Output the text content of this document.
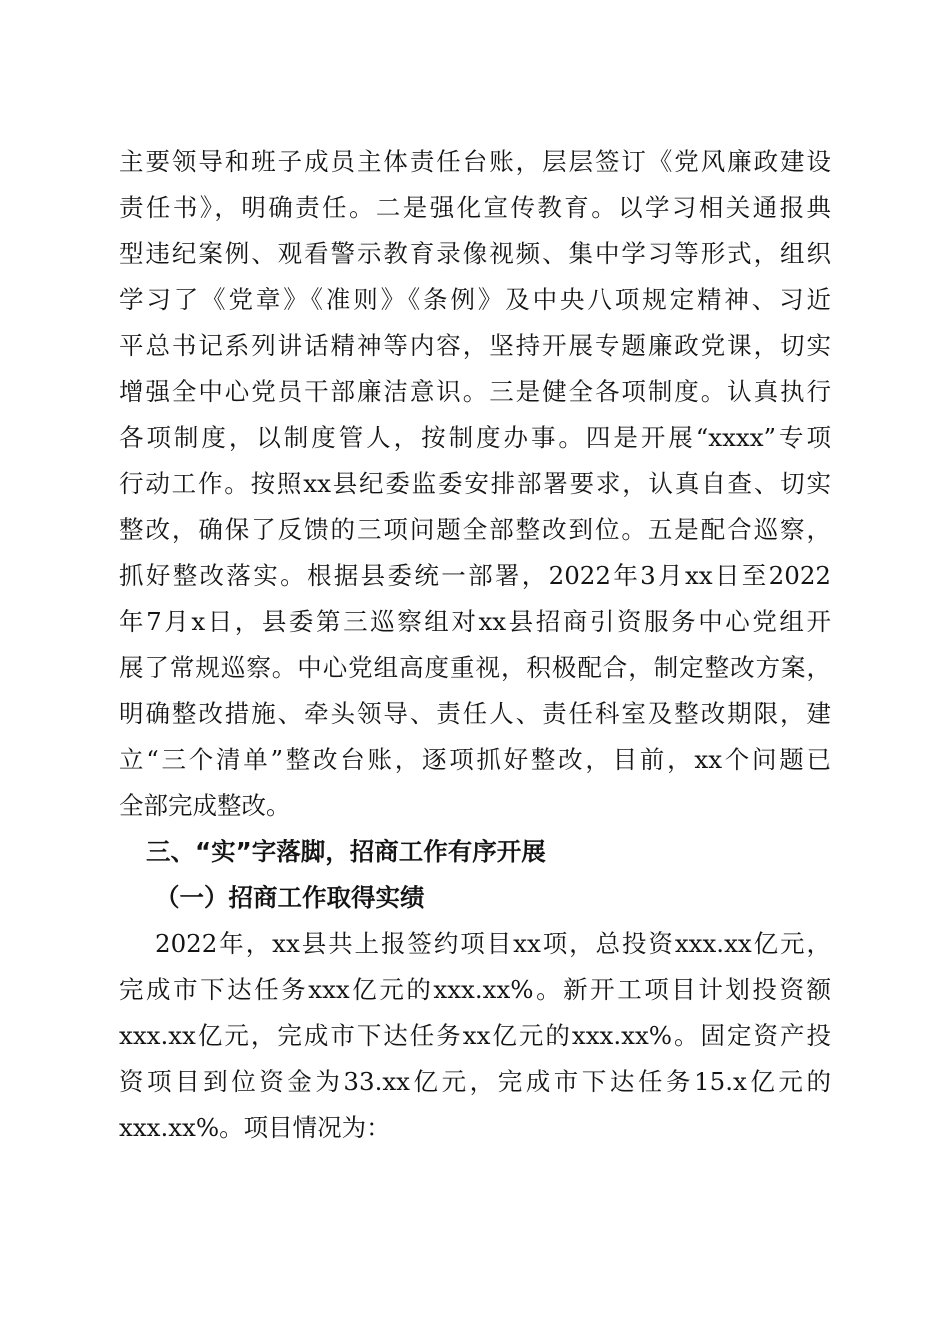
主要领导和班子成员主体责任台账，层层签订《党风廉政建设
责任书》，明确责任。二是强化宣传教育。以学习相关通报典
型违纪案例、观看警示教育录像视频、集中学习等形式，组织
学习了《党章》《准则》《条例》及中央八项规定精神、习近
平总书记系列讲话精神等内容，坚持开展专题廉政党课，切实
增强全中心党员干部廉洁意识。三是健全各项制度。认真执行
各项制度，以制度管人，按制度办事。四是开展“xxxx”专项
行动工作。按照xx县纪委监委安排部署要求，认真自查、切实
整改，确保了反馈的三项问题全部整改到位。五是配合巡察，
抓好整改落实。根据县委统一部署，2022年3月xx日至2022
年7月x日，县委第三巡察组对xx县招商引资服务中心党组开
展了常规巡察。中心党组高度重视，积极配合，制定整改方案，
明确整改措施、牵头领导、责任人、责任科室及整改期限，建
立“三个清单”整改台账，逐项抓好整改，目前，xx个问题已
全部完成整改。
三、“实”字落脚，招商工作有序开展
（一）招商工作取得实绩
2022年，xx县共上报签约项目xx项，总投资xxx.xx亿元，
完成市下达任务xxx亿元的xxx.xx%。新开工项目计划投资额
xxx.xx亿元，完成市下达任务xx亿元的xxx.xx%。固定资产投
资项目到位资金为33.xx亿元，完成市下达任务15.x亿元的
xxx.xx%。项目情况为：
